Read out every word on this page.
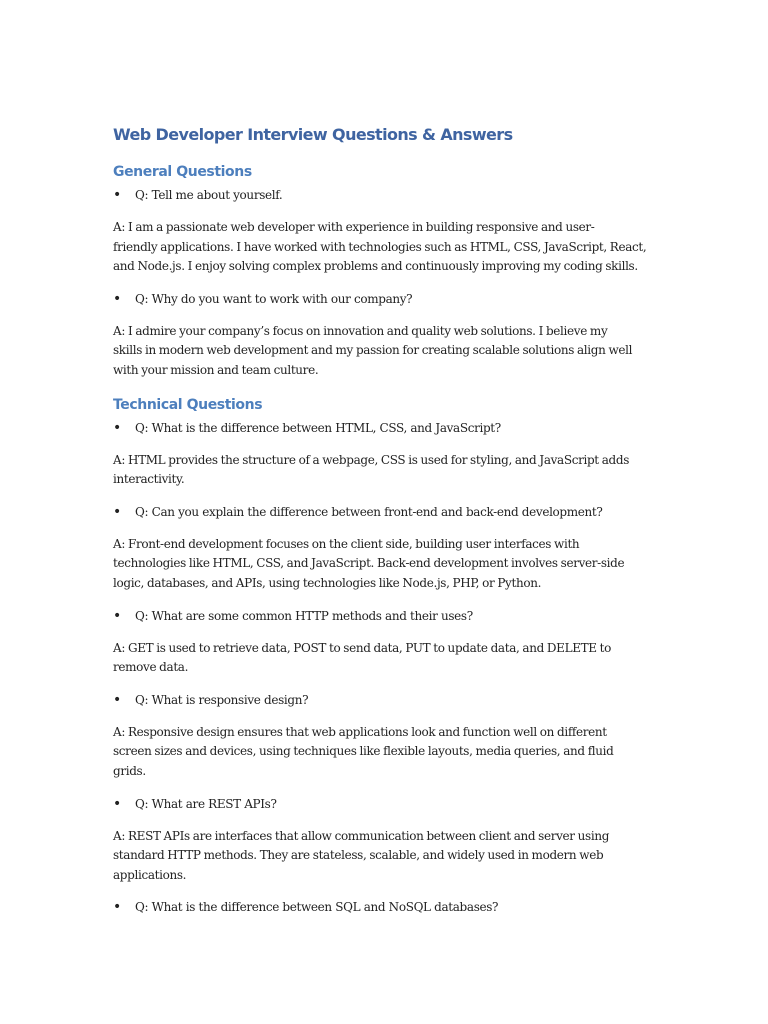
Web Developer Interview Questions & Answers
General Questions
• Q: Tell me about yourself.

A: I am a passionate web developer with experience in building responsive and user-
friendly applications. I have worked with technologies such as HTML, CSS, JavaScript, React,
and Node.js. I enjoy solving complex problems and continuously improving my coding skills.

• Q: Why do you want to work with our company?

A: I admire your company’s focus on innovation and quality web solutions. I believe my
skills in modern web development and my passion for creating scalable solutions align well
with your mission and team culture.

Technical Questions
• Q: What is the difference between HTML, CSS, and JavaScript?

A: HTML provides the structure of a webpage, CSS is used for styling, and JavaScript adds
interactivity.

• Q: Can you explain the difference between front-end and back-end development?

A: Front-end development focuses on the client side, building user interfaces with
technologies like HTML, CSS, and JavaScript. Back-end development involves server-side
logic, databases, and APIs, using technologies like Node.js, PHP, or Python.

• Q: What are some common HTTP methods and their uses?

A: GET is used to retrieve data, POST to send data, PUT to update data, and DELETE to
remove data.

• Q: What is responsive design?

A: Responsive design ensures that web applications look and function well on different
screen sizes and devices, using techniques like flexible layouts, media queries, and fluid
grids.

• Q: What are REST APIs?

A: REST APIs are interfaces that allow communication between client and server using
standard HTTP methods. They are stateless, scalable, and widely used in modern web
applications.

• Q: What is the difference between SQL and NoSQL databases?
